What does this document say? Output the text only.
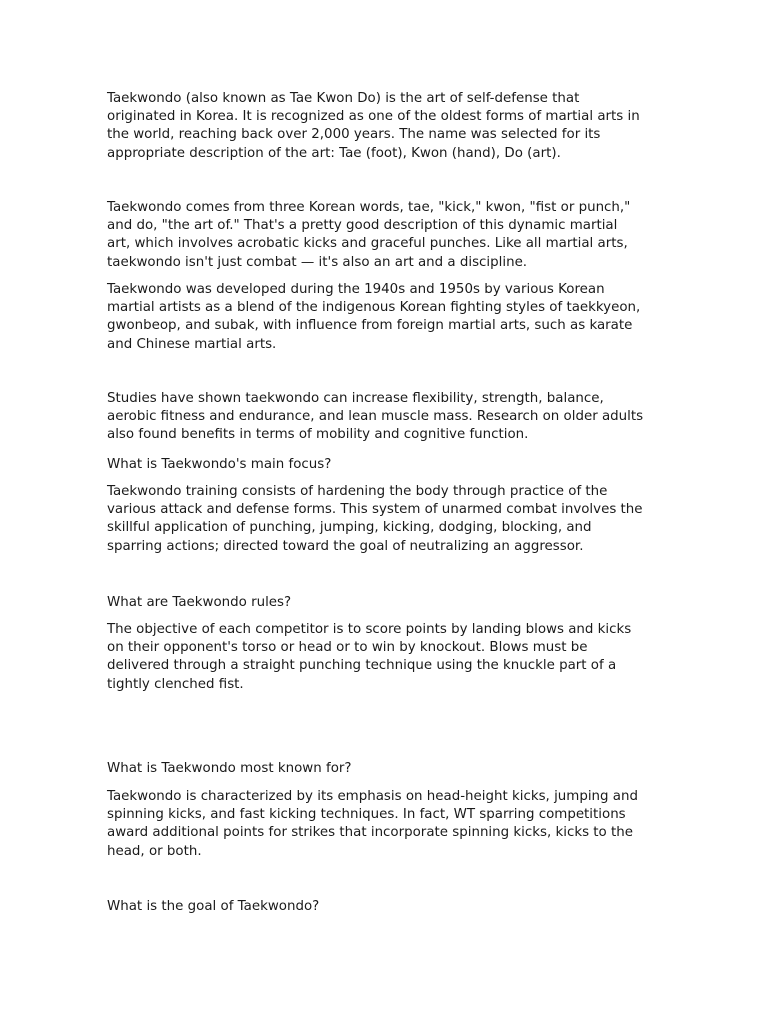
Taekwondo (also known as Tae Kwon Do) is the art of self-defense that
originated in Korea. It is recognized as one of the oldest forms of martial arts in
the world, reaching back over 2,000 years. The name was selected for its
appropriate description of the art: Tae (foot), Kwon (hand), Do (art).

Taekwondo comes from three Korean words, tae, "kick," kwon, "fist or punch,"
and do, "the art of." That's a pretty good description of this dynamic martial
art, which involves acrobatic kicks and graceful punches. Like all martial arts,
taekwondo isn't just combat — it's also an art and a discipline.

Taekwondo was developed during the 1940s and 1950s by various Korean
martial artists as a blend of the indigenous Korean fighting styles of taekkyeon,
gwonbeop, and subak, with influence from foreign martial arts, such as karate
and Chinese martial arts.

Studies have shown taekwondo can increase flexibility, strength, balance,
aerobic fitness and endurance, and lean muscle mass. Research on older adults
also found benefits in terms of mobility and cognitive function.

What is Taekwondo's main focus?

Taekwondo training consists of hardening the body through practice of the
various attack and defense forms. This system of unarmed combat involves the
skillful application of punching, jumping, kicking, dodging, blocking, and
sparring actions; directed toward the goal of neutralizing an aggressor.

What are Taekwondo rules?

The objective of each competitor is to score points by landing blows and kicks
on their opponent's torso or head or to win by knockout. Blows must be
delivered through a straight punching technique using the knuckle part of a
tightly clenched fist.

What is Taekwondo most known for?

Taekwondo is characterized by its emphasis on head-height kicks, jumping and
spinning kicks, and fast kicking techniques. In fact, WT sparring competitions
award additional points for strikes that incorporate spinning kicks, kicks to the
head, or both.

What is the goal of Taekwondo?
